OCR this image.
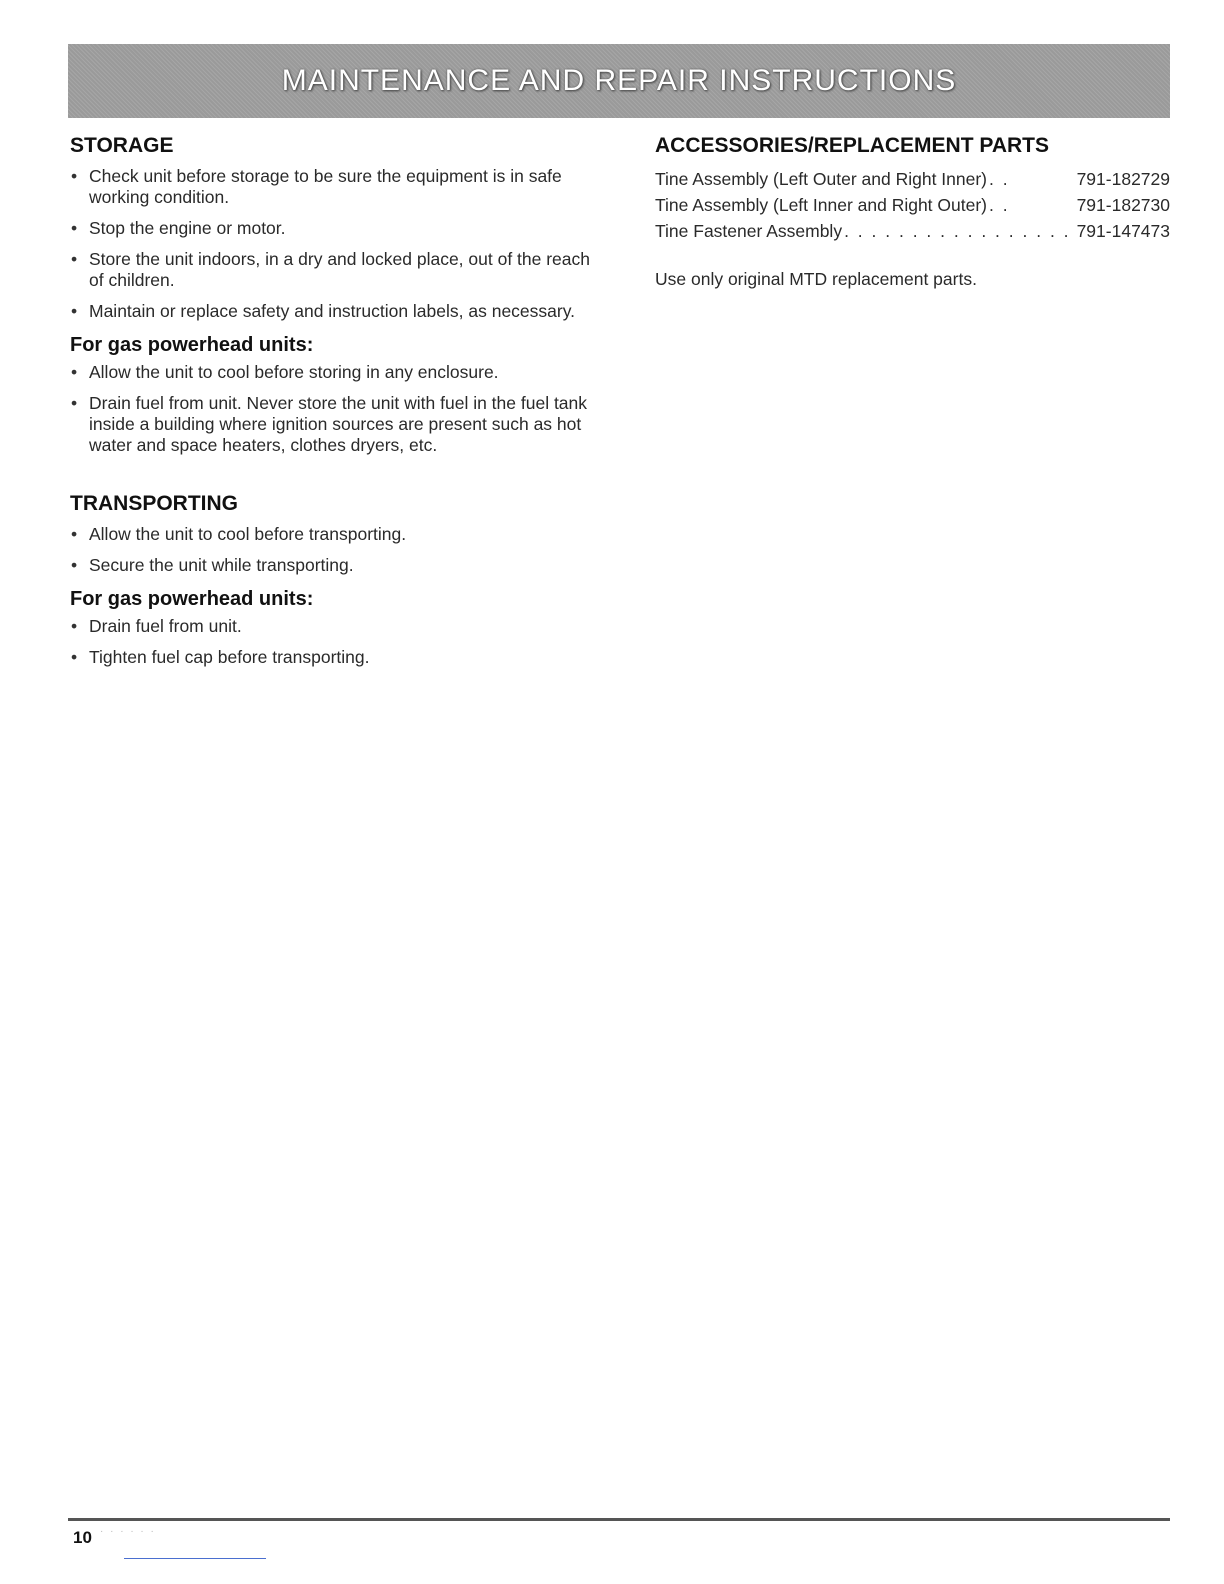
MAINTENANCE AND REPAIR INSTRUCTIONS
STORAGE
• Check unit before storage to be sure the equipment is in safe working condition.
• Stop the engine or motor.
• Store the unit indoors, in a dry and locked place, out of the reach of children.
• Maintain or replace safety and instruction labels, as necessary.
For gas powerhead units:
• Allow the unit to cool before storing in any enclosure.
• Drain fuel from unit. Never store the unit with fuel in the fuel tank inside a building where ignition sources are present such as hot water and space heaters, clothes dryers, etc.
TRANSPORTING
• Allow the unit to cool before transporting.
• Secure the unit while transporting.
For gas powerhead units:
• Drain fuel from unit.
• Tighten fuel cap before transporting.
ACCESSORIES/REPLACEMENT PARTS
Tine Assembly (Left Outer and Right Inner) . .	791-182729
Tine Assembly (Left Inner and Right Outer) . .	791-182730
Tine Fastener Assembly . . . . . . . . . . . . . . . . . 791-147473
Use only original MTD replacement parts.
10 · · · · · ·
